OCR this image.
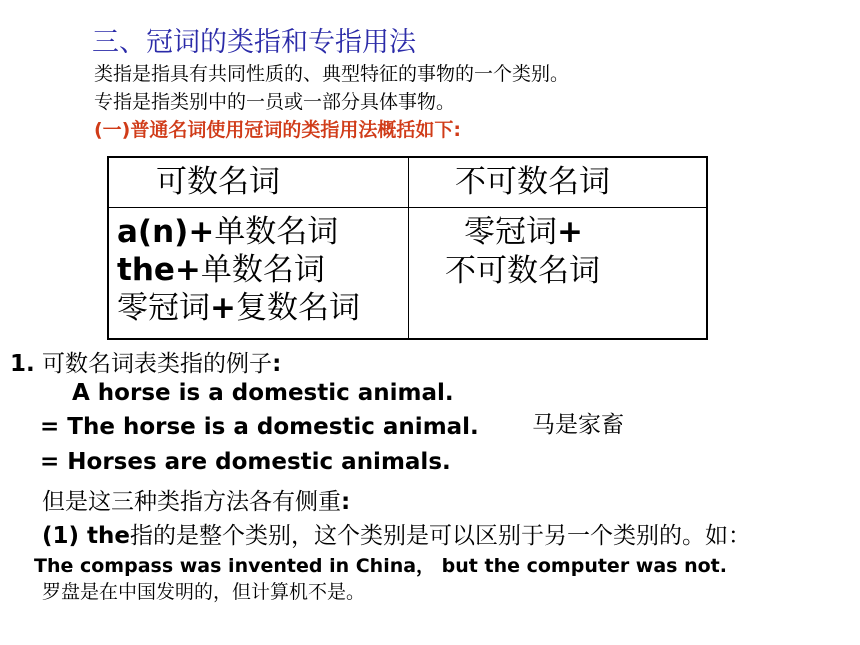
三、冠词的类指和专指用法
类指是指具有共同性质的、典型特征的事物的一个类别。
专指是指类别中的一员或一部分具体事物。
(一)普通名词使用冠词的类指用法概括如下:
可数名词	不可数名词
a(n)+单数名词
the+单数名词
零冠词+复数名词
零冠词+
不可数名词
1. 可数名词表类指的例子:
A horse is a domestic animal.
= The horse is a domestic animal.
= Horses are domestic animals.
马是家畜
但是这三种类指方法各有侧重:
(1) the指的是整个类别，这个类别是可以区别于另一个类别的。如：
The compass was invented in China， but the computer was not.
罗盘是在中国发明的，但计算机不是。
